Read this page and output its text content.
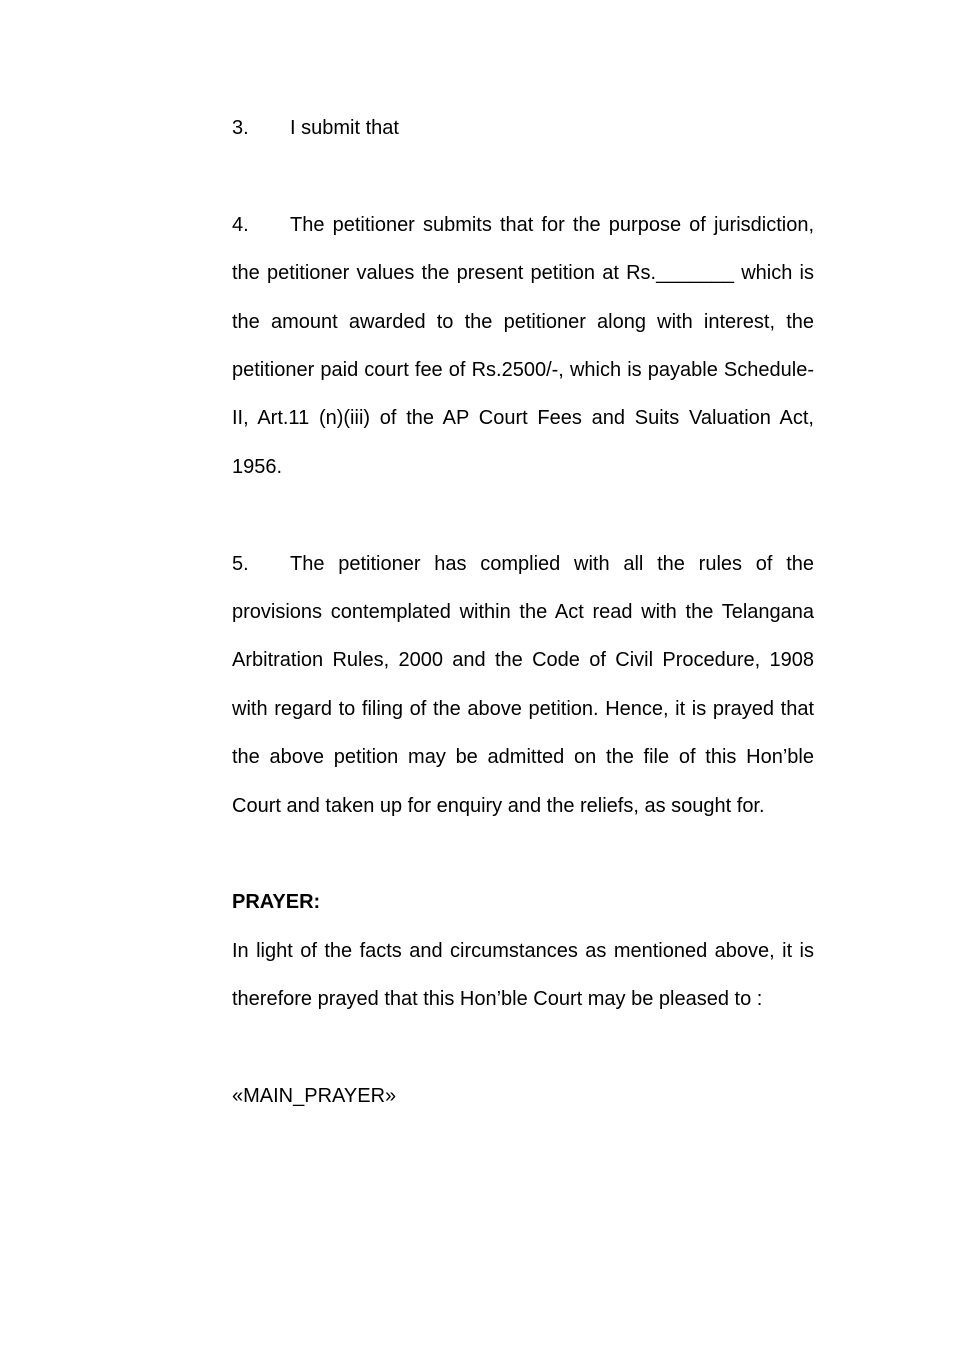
3. I submit that

4. The petitioner submits that for the purpose of jurisdiction, the petitioner values the present petition at Rs._______ which is the amount awarded to the petitioner along with interest, the petitioner paid court fee of Rs.2500/-, which is payable Schedule-II, Art.11 (n)(iii) of the AP Court Fees and Suits Valuation Act, 1956.

5. The petitioner has complied with all the rules of the provisions contemplated within the Act read with the Telangana Arbitration Rules, 2000 and the Code of Civil Procedure, 1908 with regard to filing of the above petition. Hence, it is prayed that the above petition may be admitted on the file of this Hon’ble Court and taken up for enquiry and the reliefs, as sought for.

PRAYER:

In light of the facts and circumstances as mentioned above, it is therefore prayed that this Hon’ble Court may be pleased to :

«MAIN_PRAYER»
